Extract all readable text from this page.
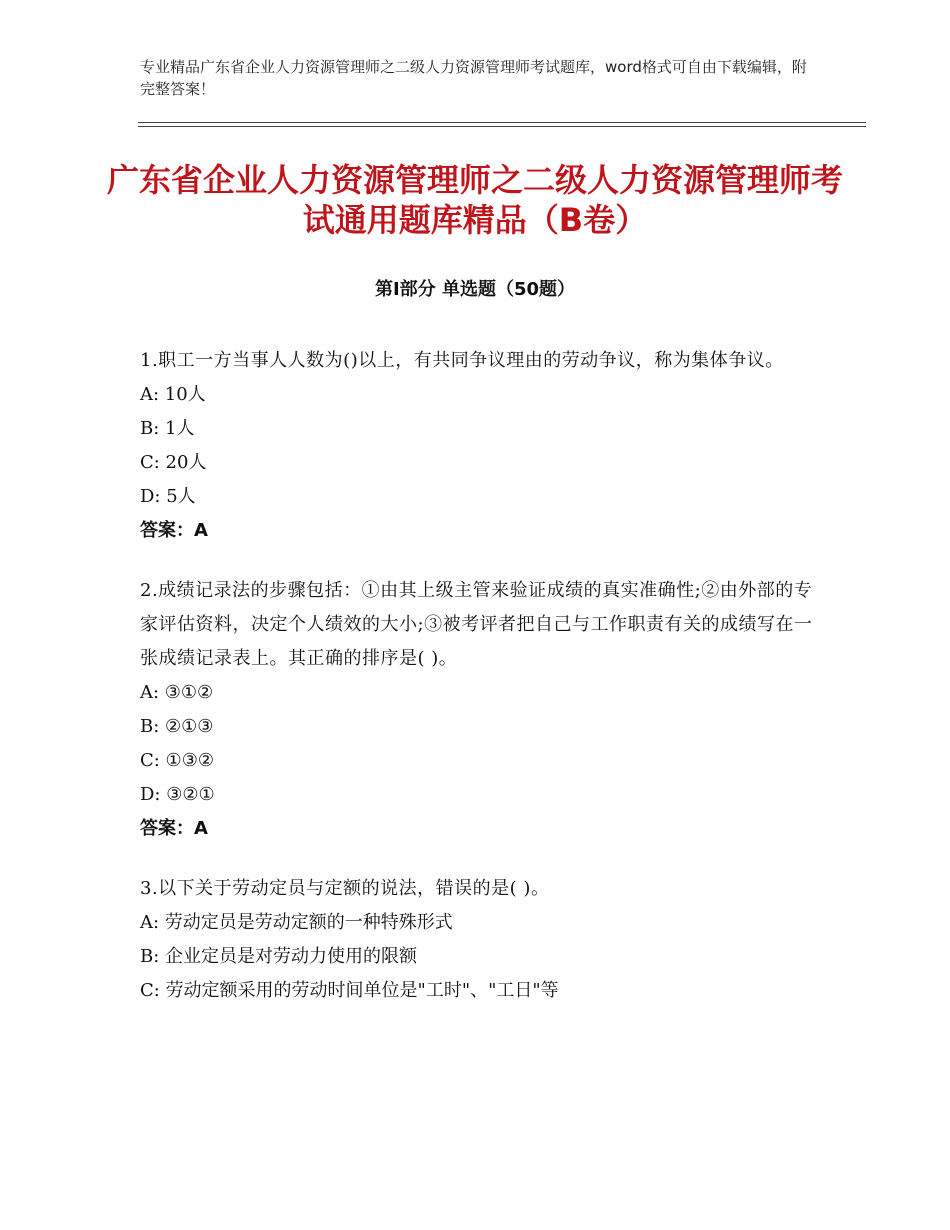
专业精品广东省企业人力资源管理师之二级人力资源管理师考试题库，word格式可自由下载编辑，附完整答案！
广东省企业人力资源管理师之二级人力资源管理师考试通用题库精品（B卷）
第Ⅰ部分 单选题（50题）
1.职工一方当事人人数为()以上，有共同争议理由的劳动争议，称为集体争议。
A: 10人
B: 1人
C: 20人
D: 5人
答案：A
2.成绩记录法的步骤包括：①由其上级主管来验证成绩的真实准确性;②由外部的专家评估资料，决定个人绩效的大小;③被考评者把自己与工作职责有关的成绩写在一张成绩记录表上。其正确的排序是( )。
A: ③①②
B: ②①③
C: ①③②
D: ③②①
答案：A
3.以下关于劳动定员与定额的说法，错误的是( )。
A: 劳动定员是劳动定额的一种特殊形式
B: 企业定员是对劳动力使用的限额
C: 劳动定额采用的劳动时间单位是"工时"、"工日"等
